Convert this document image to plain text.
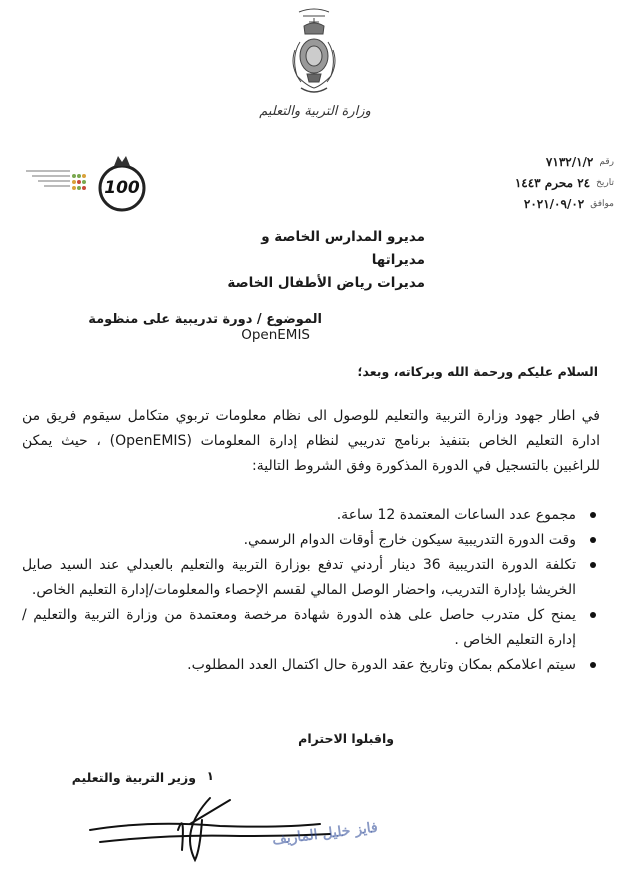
وزارة التربية والتعليم
100
رقم
٧١٣٢/١/٢
تاريخ
٢٤ محرم ١٤٤٣
موافق
٢٠٢١/٠٩/٠٢
مديرو المدارس الخاصة و مديراتها
مديرات رياض الأطفال الخاصة
الموضوع / دورة تدريبية على منظومة OpenEMIS
السلام عليكم ورحمة الله وبركاته، وبعد؛
في اطار جهود وزارة التربية والتعليم للوصول الى نظام معلومات تربوي متكامل سيقوم فريق من ادارة التعليم الخاص بتنفيذ برنامج تدريبي لنظام إدارة المعلومات (OpenEMIS) ، حيث يمكن للراغبين بالتسجيل في الدورة المذكورة وفق الشروط التالية:
مجموع عدد الساعات المعتمدة 12 ساعة.
وقت الدورة التدريبية سيكون خارج أوقات الدوام الرسمي.
تكلفة الدورة التدريبية 36 دينار أردني تدفع بوزارة التربية والتعليم بالعبدلي عند السيد صايل الخريشا بإدارة التدريب، واحضار الوصل المالي لقسم الإحصاء والمعلومات/إدارة التعليم الخاص.
يمنح كل متدرب حاصل على هذه الدورة شهادة مرخصة ومعتمدة من وزارة التربية والتعليم / إدارة التعليم الخاص .
سيتم اعلامكم بمكان وتاريخ عقد الدورة حال اكتمال العدد المطلوب.
واقبلوا الاحترام
١
وزير التربية والتعليم
فايز خليل الماريف
